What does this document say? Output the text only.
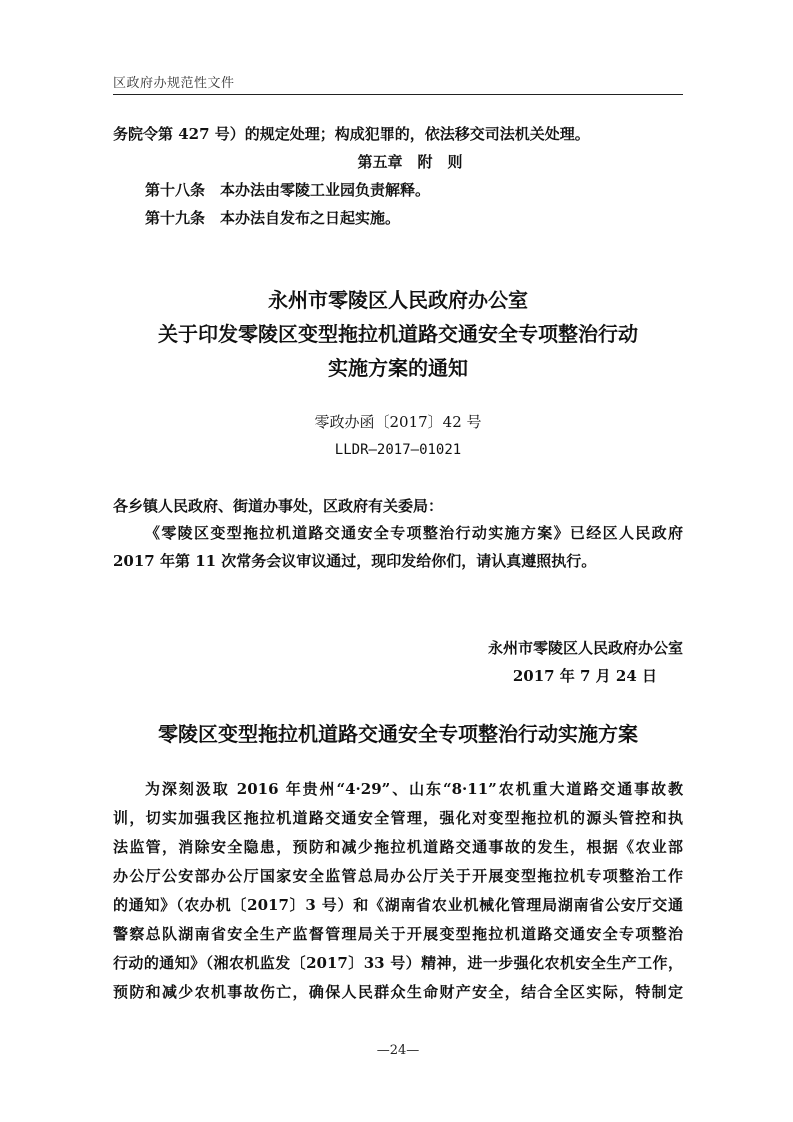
区政府办规范性文件
务院令第 427 号）的规定处理；构成犯罪的，依法移交司法机关处理。
第五章　附　则
第十八条　本办法由零陵工业园负责解释。
第十九条　本办法自发布之日起实施。
永州市零陵区人民政府办公室
关于印发零陵区变型拖拉机道路交通安全专项整治行动
实施方案的通知
零政办函〔2017〕42 号
LLDR—2017—01021
各乡镇人民政府、街道办事处，区政府有关委局：
《零陵区变型拖拉机道路交通安全专项整治行动实施方案》已经区人民政府
2017 年第 11 次常务会议审议通过，现印发给你们，请认真遵照执行。
永州市零陵区人民政府办公室
2017 年 7 月 24 日
零陵区变型拖拉机道路交通安全专项整治行动实施方案
为深刻汲取 2016 年贵州“4·29”、山东“8·11”农机重大道路交通事故教
训，切实加强我区拖拉机道路交通安全管理，强化对变型拖拉机的源头管控和执
法监管，消除安全隐患，预防和减少拖拉机道路交通事故的发生，根据《农业部
办公厅公安部办公厅国家安全监管总局办公厅关于开展变型拖拉机专项整治工作
的通知》（农办机〔2017〕3 号）和《湖南省农业机械化管理局湖南省公安厅交通
警察总队湖南省安全生产监督管理局关于开展变型拖拉机道路交通安全专项整治
行动的通知》（湘农机监发〔2017〕33 号）精神，进一步强化农机安全生产工作，
预防和减少农机事故伤亡，确保人民群众生命财产安全，结合全区实际，特制定
—24—
